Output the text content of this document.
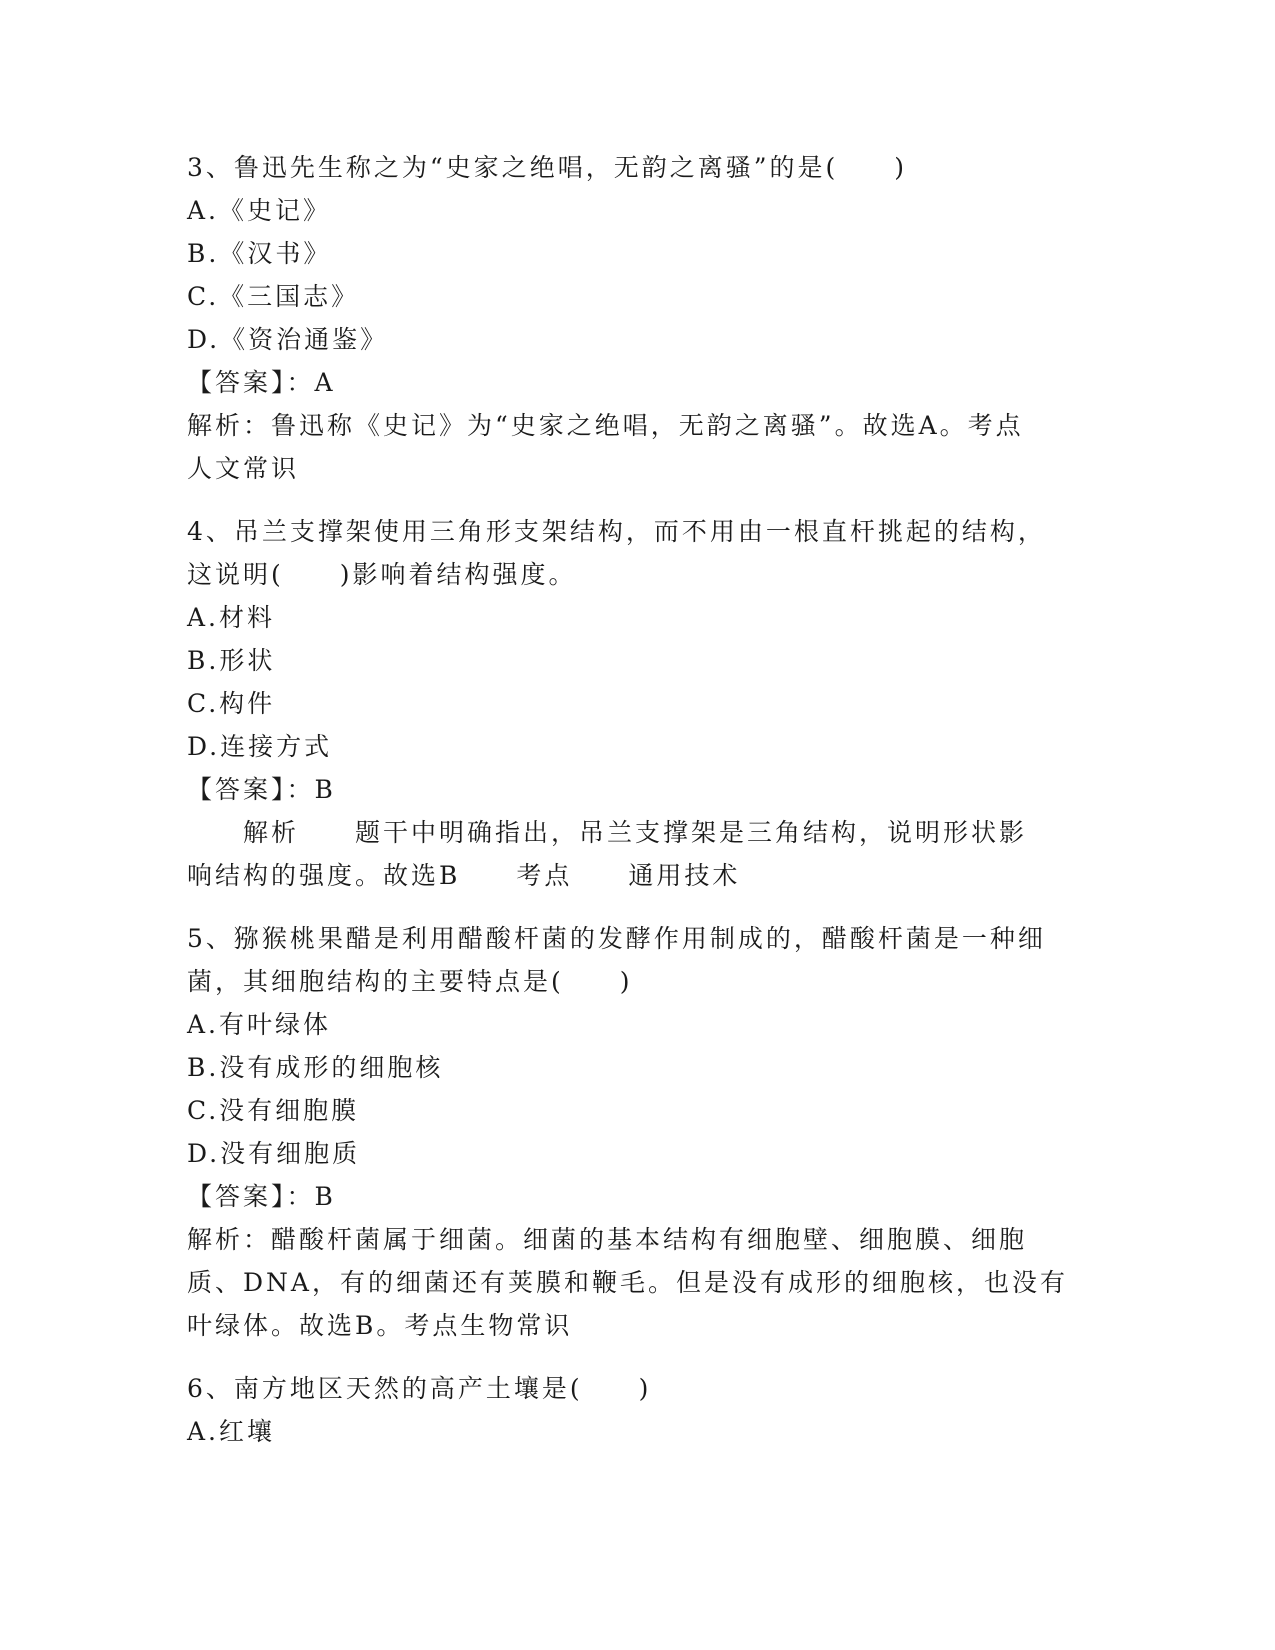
3、鲁迅先生称之为“史家之绝唱，无韵之离骚”的是(　　)
A.《史记》
B.《汉书》
C.《三国志》
D.《资治通鉴》
【答案】：A
解析：鲁迅称《史记》为“史家之绝唱，无韵之离骚”。故选A。考点
人文常识
4、吊兰支撑架使用三角形支架结构，而不用由一根直杆挑起的结构，
这说明(　　)影响着结构强度。
A.材料
B.形状
C.构件
D.连接方式
【答案】：B
　　解析　　题干中明确指出，吊兰支撑架是三角结构，说明形状影
响结构的强度。故选B　　考点　　通用技术
5、猕猴桃果醋是利用醋酸杆菌的发酵作用制成的，醋酸杆菌是一种细
菌，其细胞结构的主要特点是(　　)
A.有叶绿体
B.没有成形的细胞核
C.没有细胞膜
D.没有细胞质
【答案】：B
解析：醋酸杆菌属于细菌。细菌的基本结构有细胞壁、细胞膜、细胞
质、DNA，有的细菌还有荚膜和鞭毛。但是没有成形的细胞核，也没有
叶绿体。故选B。考点生物常识
6、南方地区天然的高产土壤是(　　)
A.红壤
